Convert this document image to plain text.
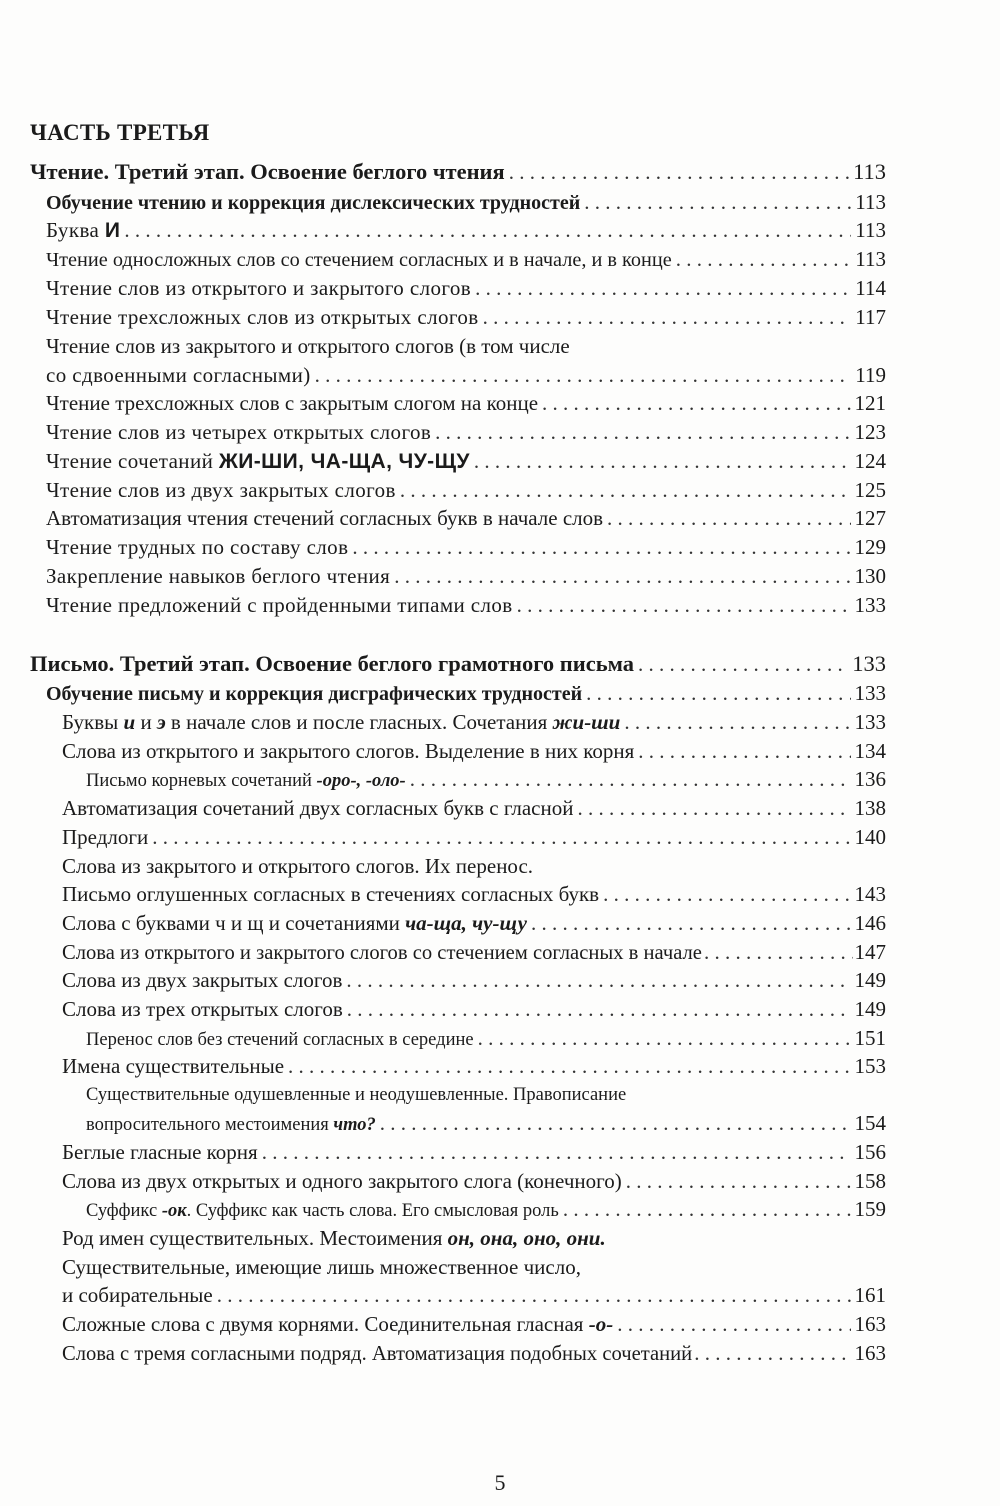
ЧАСТЬ ТРЕТЬЯ
Чтение. Третий этап. Освоение беглого чтения . . .	113
Обучение чтению и коррекция дислексических трудностей . . .	113
Буква И . . .	113
Чтение односложных слов со стечением согласных и в начале, и в конце . . .	113
Чтение слов из открытого и закрытого слогов . . .	114
Чтение трехсложных слов из открытых слогов . . .	117
Чтение слов из закрытого и открытого слогов (в том числе
со сдвоенными согласными) . . .	119
Чтение трехсложных слов с закрытым слогом на конце . . .	121
Чтение слов из четырех открытых слогов . . .	123
Чтение сочетаний ЖИ-ШИ, ЧА-ЩА, ЧУ-ЩУ . . .	124
Чтение слов из двух закрытых слогов . . .	125
Автоматизация чтения стечений согласных букв в начале слов . . .	127
Чтение трудных по составу слов . . .	129
Закрепление навыков беглого чтения . . .	130
Чтение предложений с пройденными типами слов . . .	133
Письмо. Третий этап. Освоение беглого грамотного письма . . .	133
Обучение письму и коррекция дисграфических трудностей . . .	133
Буквы и и э в начале слов и после гласных. Сочетания жи-ши . . .	133
Слова из открытого и закрытого слогов. Выделение в них корня . . .	134
Письмо корневых сочетаний -оро-, -оло- . . .	136
Автоматизация сочетаний двух согласных букв с гласной . . .	138
Предлоги . . .	140
Слова из закрытого и открытого слогов. Их перенос.
Письмо оглушенных согласных в стечениях согласных букв . . .	143
Слова с буквами ч и щ и сочетаниями ча-ща, чу-щу . . .	146
Слова из открытого и закрытого слогов со стечением согласных в начале . . .	147
Слова из двух закрытых слогов . . .	149
Слова из трех открытых слогов . . .	149
Перенос слов без стечений согласных в середине . . .	151
Имена существительные . . .	153
Существительные одушевленные и неодушевленные. Правописание
вопросительного местоимения что? . . .	154
Беглые гласные корня . . .	156
Слова из двух открытых и одного закрытого слога (конечного) . . .	158
Суффикс -ок. Суффикс как часть слова. Его смысловая роль . . .	159
Род имен существительных. Местоимения он, она, оно, они.
Существительные, имеющие лишь множественное число,
и собирательные . . .	161
Сложные слова с двумя корнями. Соединительная гласная -о- . . .	163
Слова с тремя согласными подряд. Автоматизация подобных сочетаний . . .	163
5
